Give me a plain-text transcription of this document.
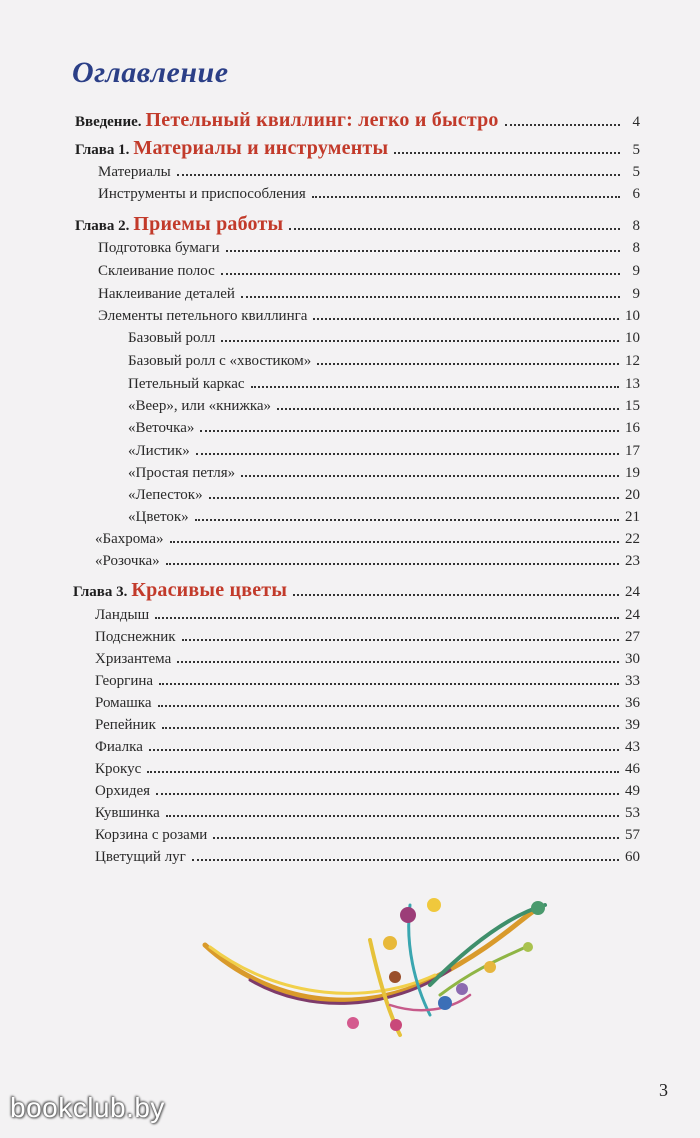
Оглавление
Введение. Петельный квиллинг: легко и быстро	4
Глава 1. Материалы и инструменты	5
Материалы	5
Инструменты и приспособления	6
Глава 2. Приемы работы	8
Подготовка бумаги	8
Склеивание полос	9
Наклеивание деталей	9
Элементы петельного квиллинга	10
Базовый ролл	10
Базовый ролл с «хвостиком»	12
Петельный каркас	13
«Веер», или «книжка»	15
«Веточка»	16
«Листик»	17
«Простая петля»	19
«Лепесток»	20
«Цветок»	21
«Бахрома»	22
«Розочка»	23
Глава 3. Красивые цветы	24
Ландыш	24
Подснежник	27
Хризантема	30
Георгина	33
Ромашка	36
Репейник	39
Фиалка	43
Крокус	46
Орхидея	49
Кувшинка	53
Корзина с розами	57
Цветущий луг	60
3
bookclub.by
